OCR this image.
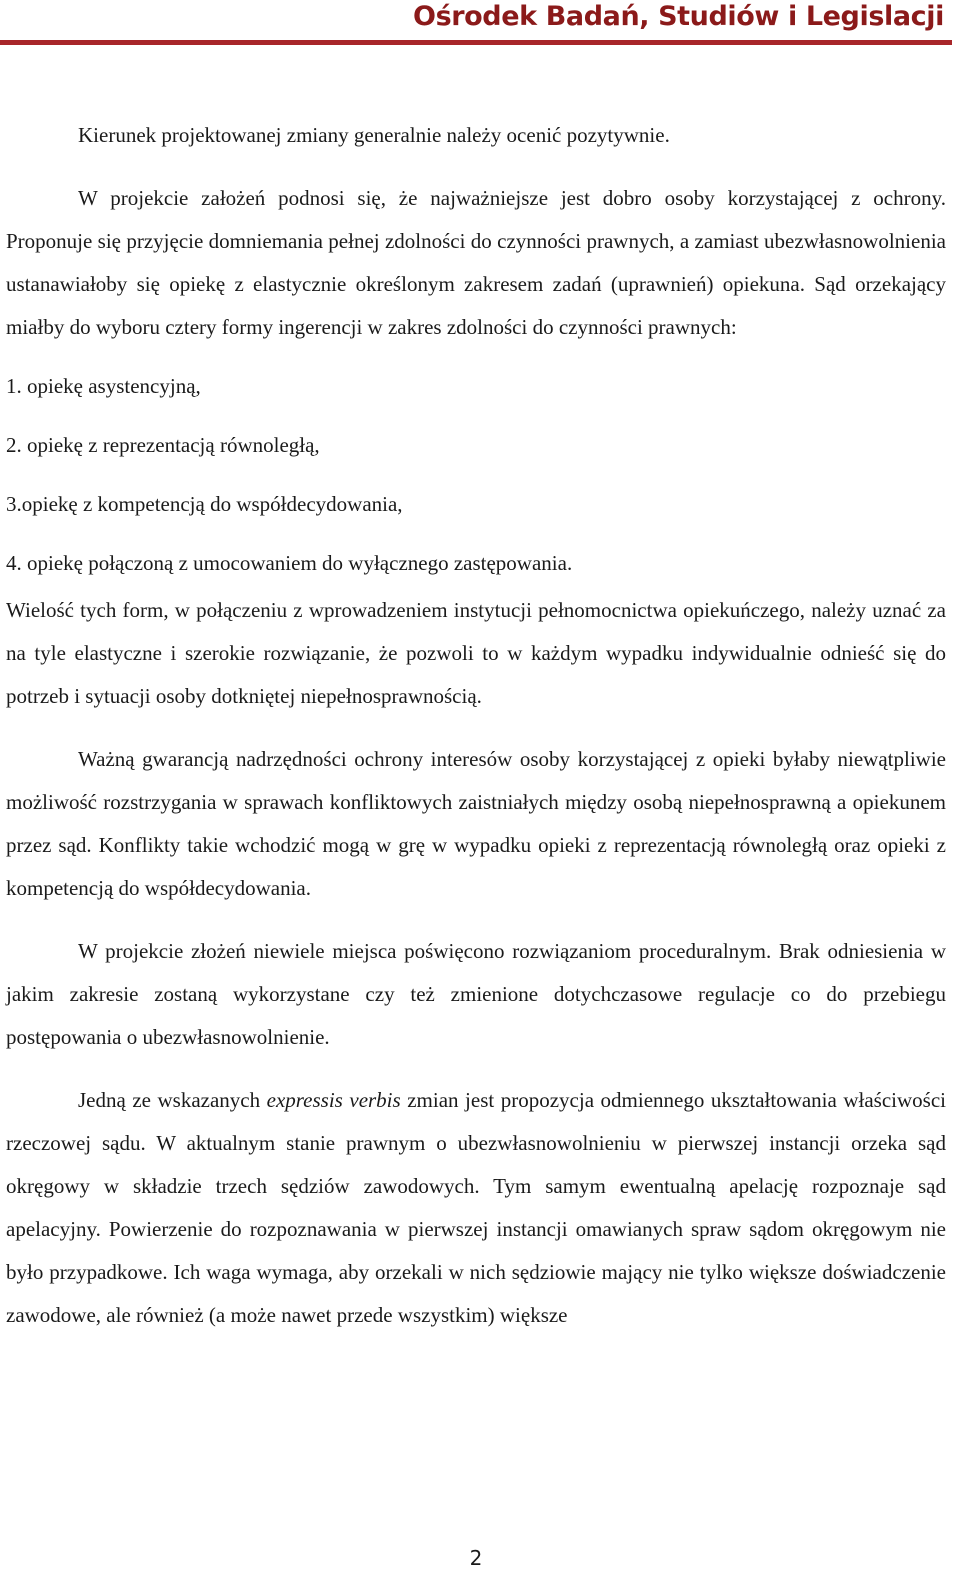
Ośrodek Badań, Studiów i Legislacji

Kierunek projektowanej zmiany generalnie należy ocenić pozytywnie.

W projekcie założeń podnosi się, że najważniejsze jest dobro osoby korzystającej z ochrony. Proponuje się przyjęcie domniemania pełnej zdolności do czynności prawnych, a zamiast ubezwłasnowolnienia ustanawiałoby się opiekę z elastycznie określonym zakresem zadań (uprawnień) opiekuna. Sąd orzekający miałby do wyboru cztery formy ingerencji w zakres zdolności do czynności prawnych:

1. opiekę asystencyjną,

2. opiekę z reprezentacją równoległą,

3.opiekę z kompetencją do współdecydowania,

4. opiekę połączoną z umocowaniem do wyłącznego zastępowania.

Wielość tych form, w połączeniu z wprowadzeniem instytucji pełnomocnictwa opiekuńczego, należy uznać za na tyle elastyczne i szerokie rozwiązanie, że pozwoli to w każdym wypadku indywidualnie odnieść się do potrzeb i sytuacji osoby dotkniętej niepełnosprawnością.

Ważną gwarancją nadrzędności ochrony interesów osoby korzystającej z opieki byłaby niewątpliwie możliwość rozstrzygania w sprawach konfliktowych zaistniałych między osobą niepełnosprawną a opiekunem przez sąd. Konflikty takie wchodzić mogą w grę w wypadku opieki z reprezentacją równoległą oraz opieki z kompetencją do współdecydowania.

W projekcie złożeń niewiele miejsca poświęcono rozwiązaniom proceduralnym. Brak odniesienia w jakim zakresie zostaną wykorzystane czy też zmienione dotychczasowe regulacje co do przebiegu postępowania o ubezwłasnowolnienie.

Jedną ze wskazanych expressis verbis zmian jest propozycja odmiennego ukształtowania właściwości rzeczowej sądu. W aktualnym stanie prawnym o ubezwłasnowolnieniu w pierwszej instancji orzeka sąd okręgowy w składzie trzech sędziów zawodowych. Tym samym ewentualną apelację rozpoznaje sąd apelacyjny. Powierzenie do rozpoznawania w pierwszej instancji omawianych spraw sądom okręgowym nie było przypadkowe. Ich waga wymaga, aby orzekali w nich sędziowie mający nie tylko większe doświadczenie zawodowe, ale również (a może nawet przede wszystkim) większe

2
